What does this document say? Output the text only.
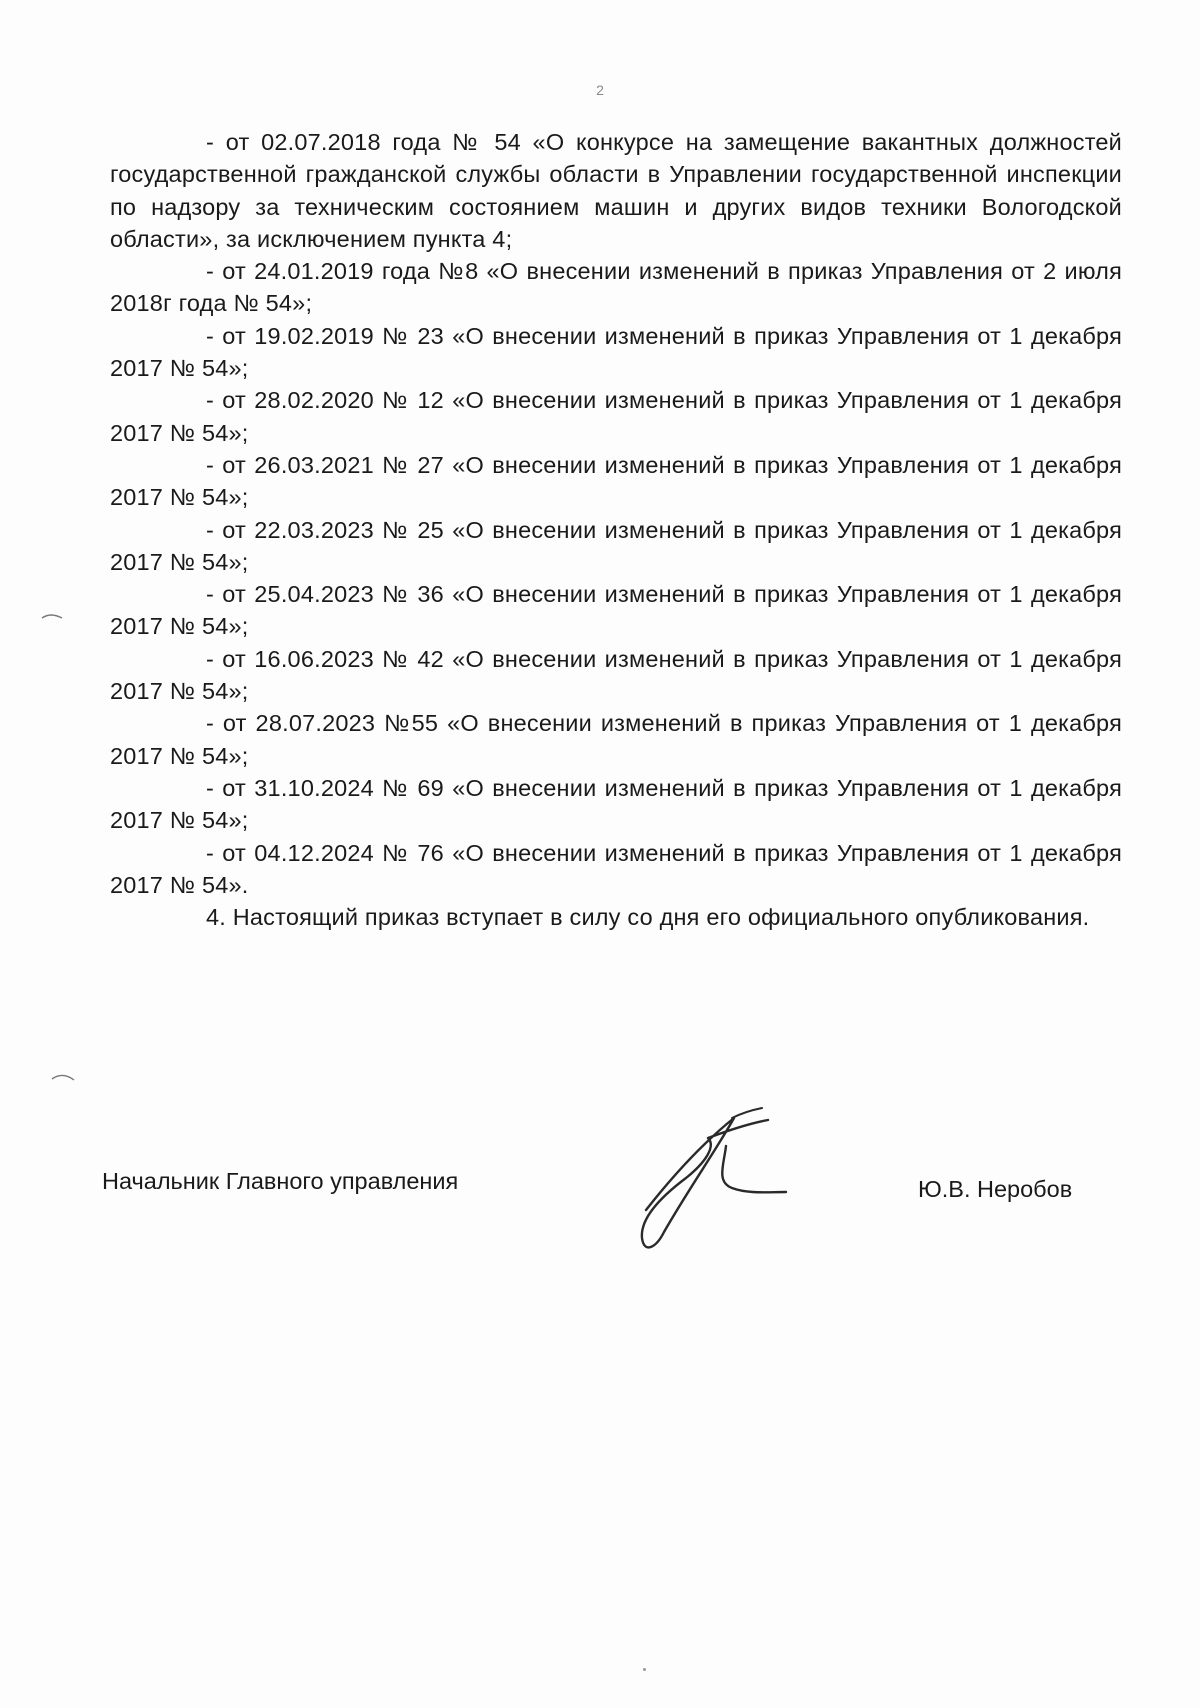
2

- от 02.07.2018 года № 54 «О конкурсе на замещение вакантных должностей государственной гражданской службы области в Управлении государственной инспекции по надзору за техническим состоянием машин и других видов техники Вологодской области», за исключением пункта 4;

- от 24.01.2019 года №8 «О внесении изменений в приказ Управления от 2 июля 2018г года № 54»;

- от 19.02.2019 № 23 «О внесении изменений в приказ Управления от 1 декабря 2017 № 54»;

- от 28.02.2020 № 12 «О внесении изменений в приказ Управления от 1 декабря 2017 № 54»;

- от 26.03.2021 № 27 «О внесении изменений в приказ Управления от 1 декабря 2017 № 54»;

- от 22.03.2023 № 25 «О внесении изменений в приказ Управления от 1 декабря 2017 № 54»;

- от 25.04.2023 № 36 «О внесении изменений в приказ Управления от 1 декабря 2017 № 54»;

- от 16.06.2023 № 42 «О внесении изменений в приказ Управления от 1 декабря 2017 № 54»;

- от 28.07.2023 №55 «О внесении изменений в приказ Управления от 1 декабря 2017 № 54»;

- от 31.10.2024 № 69 «О внесении изменений в приказ Управления от 1 декабря 2017 № 54»;

- от 04.12.2024 № 76 «О внесении изменений в приказ Управления от 1 декабря 2017 № 54».

4. Настоящий приказ вступает в силу со дня его официального опубликования.

Начальник Главного управления	Ю.В. Неробов
